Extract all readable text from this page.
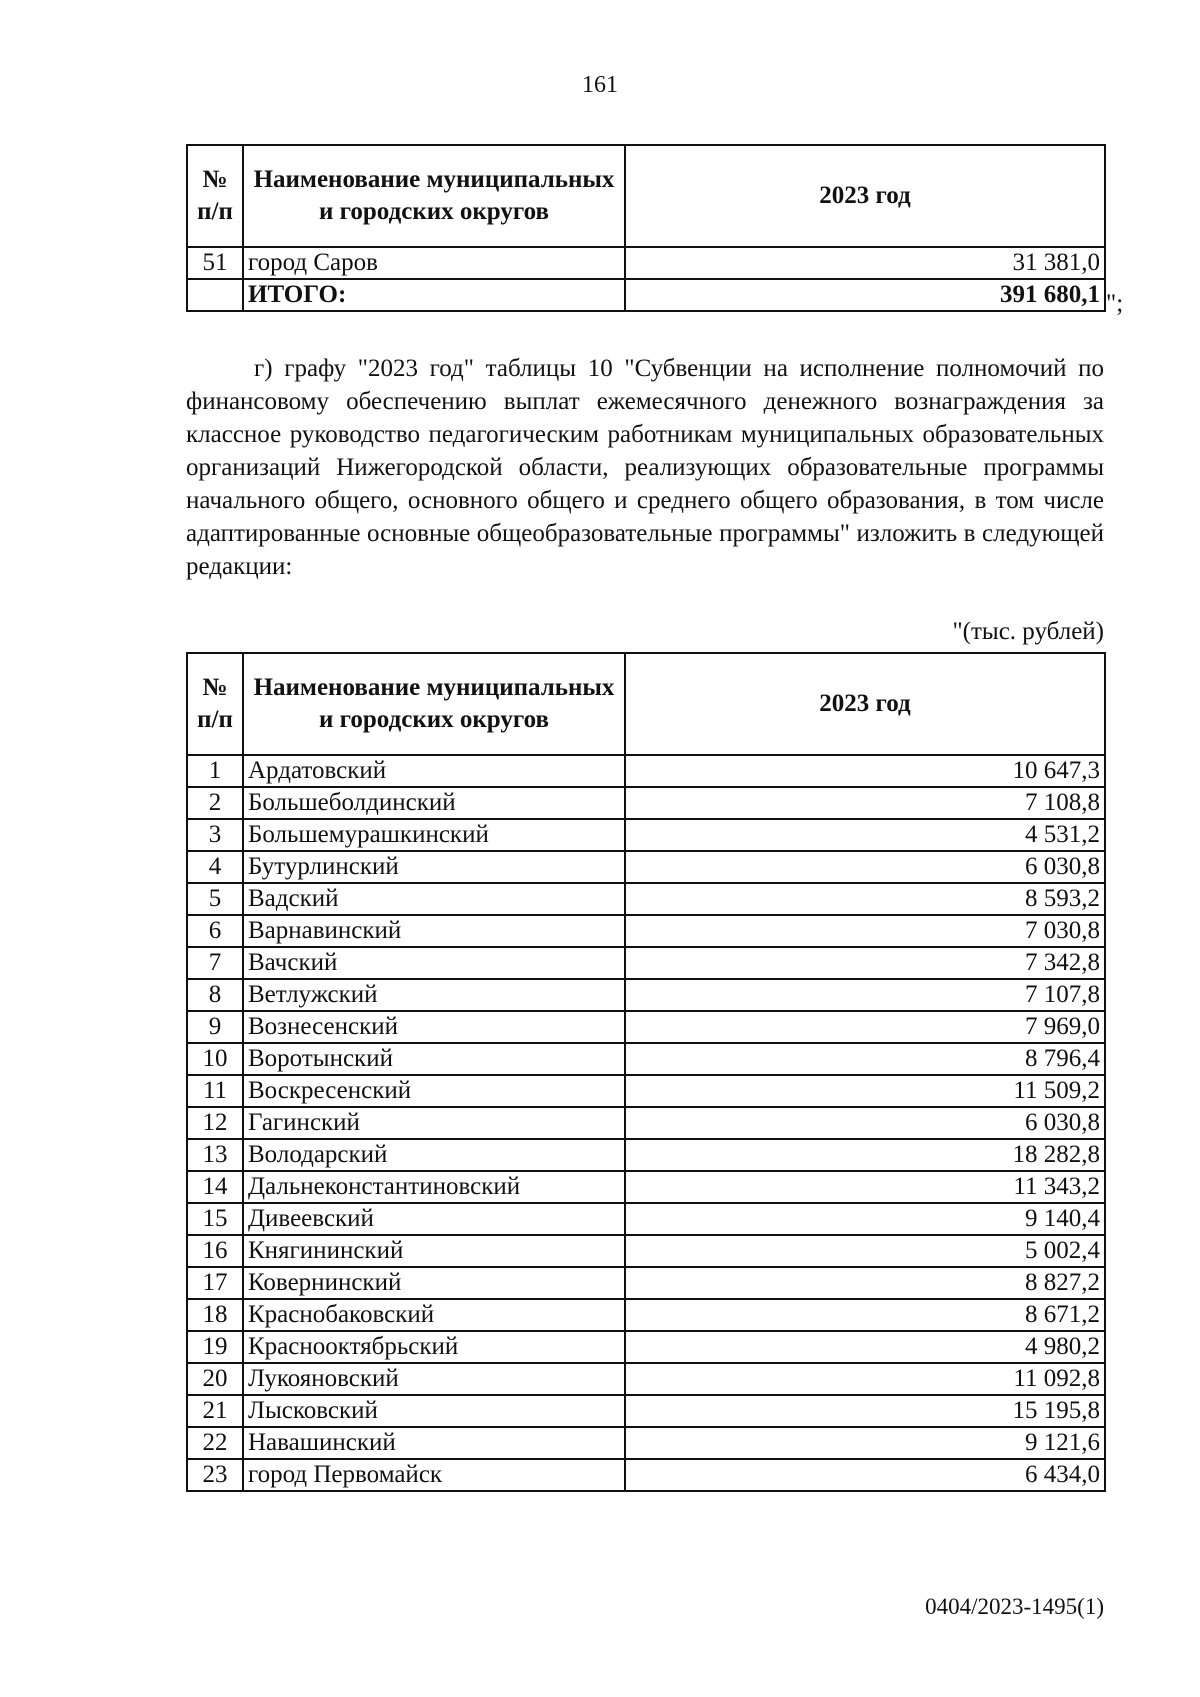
161
№ п/п	Наименование муниципальных и городских округов	2023 год
51	город Саров	31 381,0
	ИТОГО:	391 680,1 ";
г) графу "2023 год" таблицы 10 "Субвенции на исполнение полномочий по финансовому обеспечению выплат ежемесячного денежного вознаграждения за классное руководство педагогическим работникам муниципальных образовательных организаций Нижегородской области, реализующих образовательные программы начального общего, основного общего и среднего общего образования, в том числе адаптированные основные общеобразовательные программы" изложить в следующей редакции:
"(тыс. рублей)
№ п/п	Наименование муниципальных и городских округов	2023 год
1	Ардатовский	10 647,3
2	Большеболдинский	7 108,8
3	Большемурашкинский	4 531,2
4	Бутурлинский	6 030,8
5	Вадский	8 593,2
6	Варнавинский	7 030,8
7	Вачский	7 342,8
8	Ветлужский	7 107,8
9	Вознесенский	7 969,0
10	Воротынский	8 796,4
11	Воскресенский	11 509,2
12	Гагинский	6 030,8
13	Володарский	18 282,8
14	Дальнеконстантиновский	11 343,2
15	Дивеевский	9 140,4
16	Княгининский	5 002,4
17	Ковернинский	8 827,2
18	Краснобаковский	8 671,2
19	Краснооктябрьский	4 980,2
20	Лукояновский	11 092,8
21	Лысковский	15 195,8
22	Навашинский	9 121,6
23	город Первомайск	6 434,0
0404/2023-1495(1)
